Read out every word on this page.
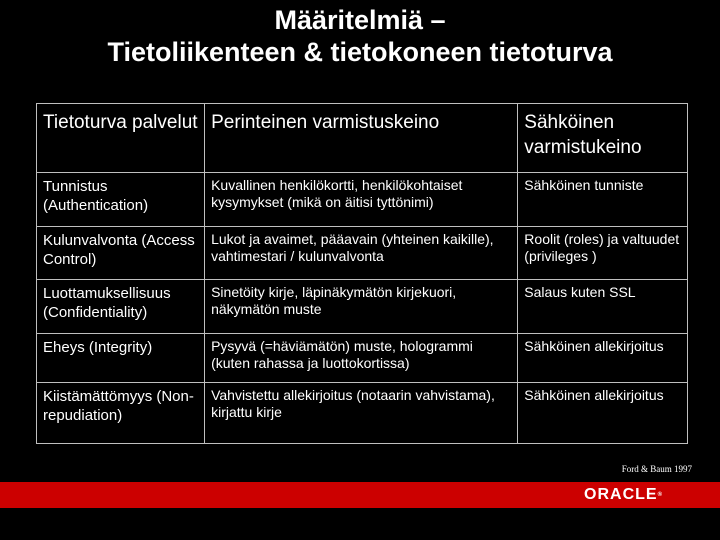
Määritelmiä –
Tietoliikenteen & tietokoneen tietoturva
Tietoturva palvelut	Perinteinen varmistuskeino	Sähköinen varmistukeino
Tunnistus (Authentication)	Kuvallinen henkilökortti, henkilökohtaiset kysymykset (mikä on äitisi tyttönimi)	Sähköinen tunniste
Kulunvalvonta (Access Control)	Lukot ja avaimet, pääavain (yhteinen kaikille), vahtimestari / kulunvalvonta	Roolit (roles) ja valtuudet (privileges )
Luottamuksellisuus (Confidentiality)	Sinetöity kirje, läpinäkymätön kirjekuori, näkymätön muste	Salaus kuten SSL
Eheys (Integrity)	Pysyvä (=häviämätön) muste, hologrammi (kuten rahassa ja luottokortissa)	Sähköinen allekirjoitus
Kiistämättömyys (Non-repudiation)	Vahvistettu allekirjoitus (notaarin vahvistama), kirjattu kirje	Sähköinen allekirjoitus
Ford & Baum 1997
ORACLE®
